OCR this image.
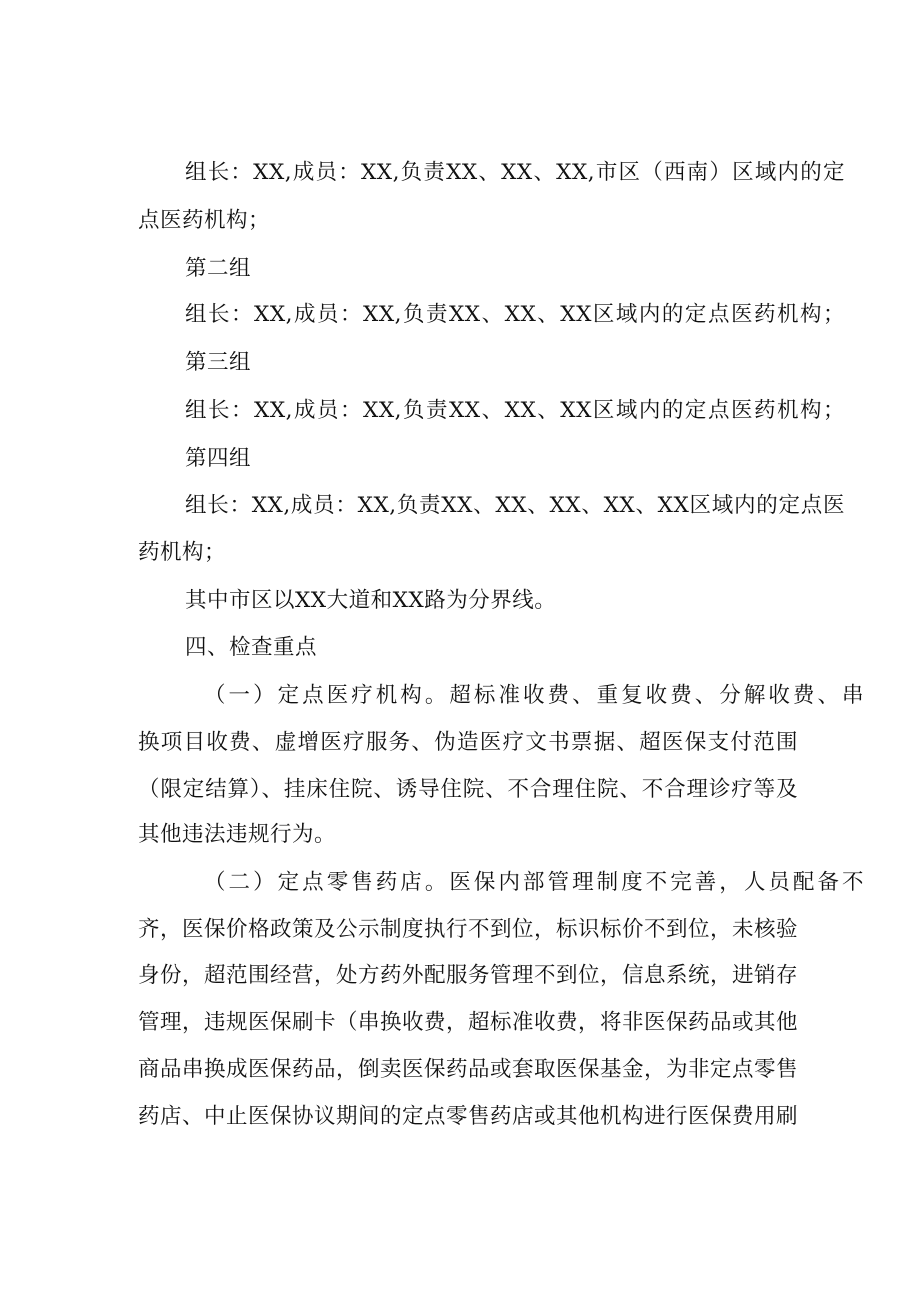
组长：XX,成员：XX,负责XX、XX、XX,市区（西南）区域内的定
点医药机构；
第二组
组长：XX,成员：XX,负责XX、XX、XX区域内的定点医药机构；
第三组
组长：XX,成员：XX,负责XX、XX、XX区域内的定点医药机构；
第四组
组长：XX,成员：XX,负责XX、XX、XX、XX、XX区域内的定点医
药机构；
其中市区以XX大道和XX路为分界线。
四、检查重点
（一）定点医疗机构。超标准收费、重复收费、分解收费、串
换项目收费、虚增医疗服务、伪造医疗文书票据、超医保支付范围
（限定结算）、挂床住院、诱导住院、不合理住院、不合理诊疗等及
其他违法违规行为。
（二）定点零售药店。医保内部管理制度不完善，人员配备不
齐，医保价格政策及公示制度执行不到位，标识标价不到位，未核验
身份，超范围经营，处方药外配服务管理不到位，信息系统，进销存
管理，违规医保刷卡（串换收费，超标准收费，将非医保药品或其他
商品串换成医保药品，倒卖医保药品或套取医保基金，为非定点零售
药店、中止医保协议期间的定点零售药店或其他机构进行医保费用刷
